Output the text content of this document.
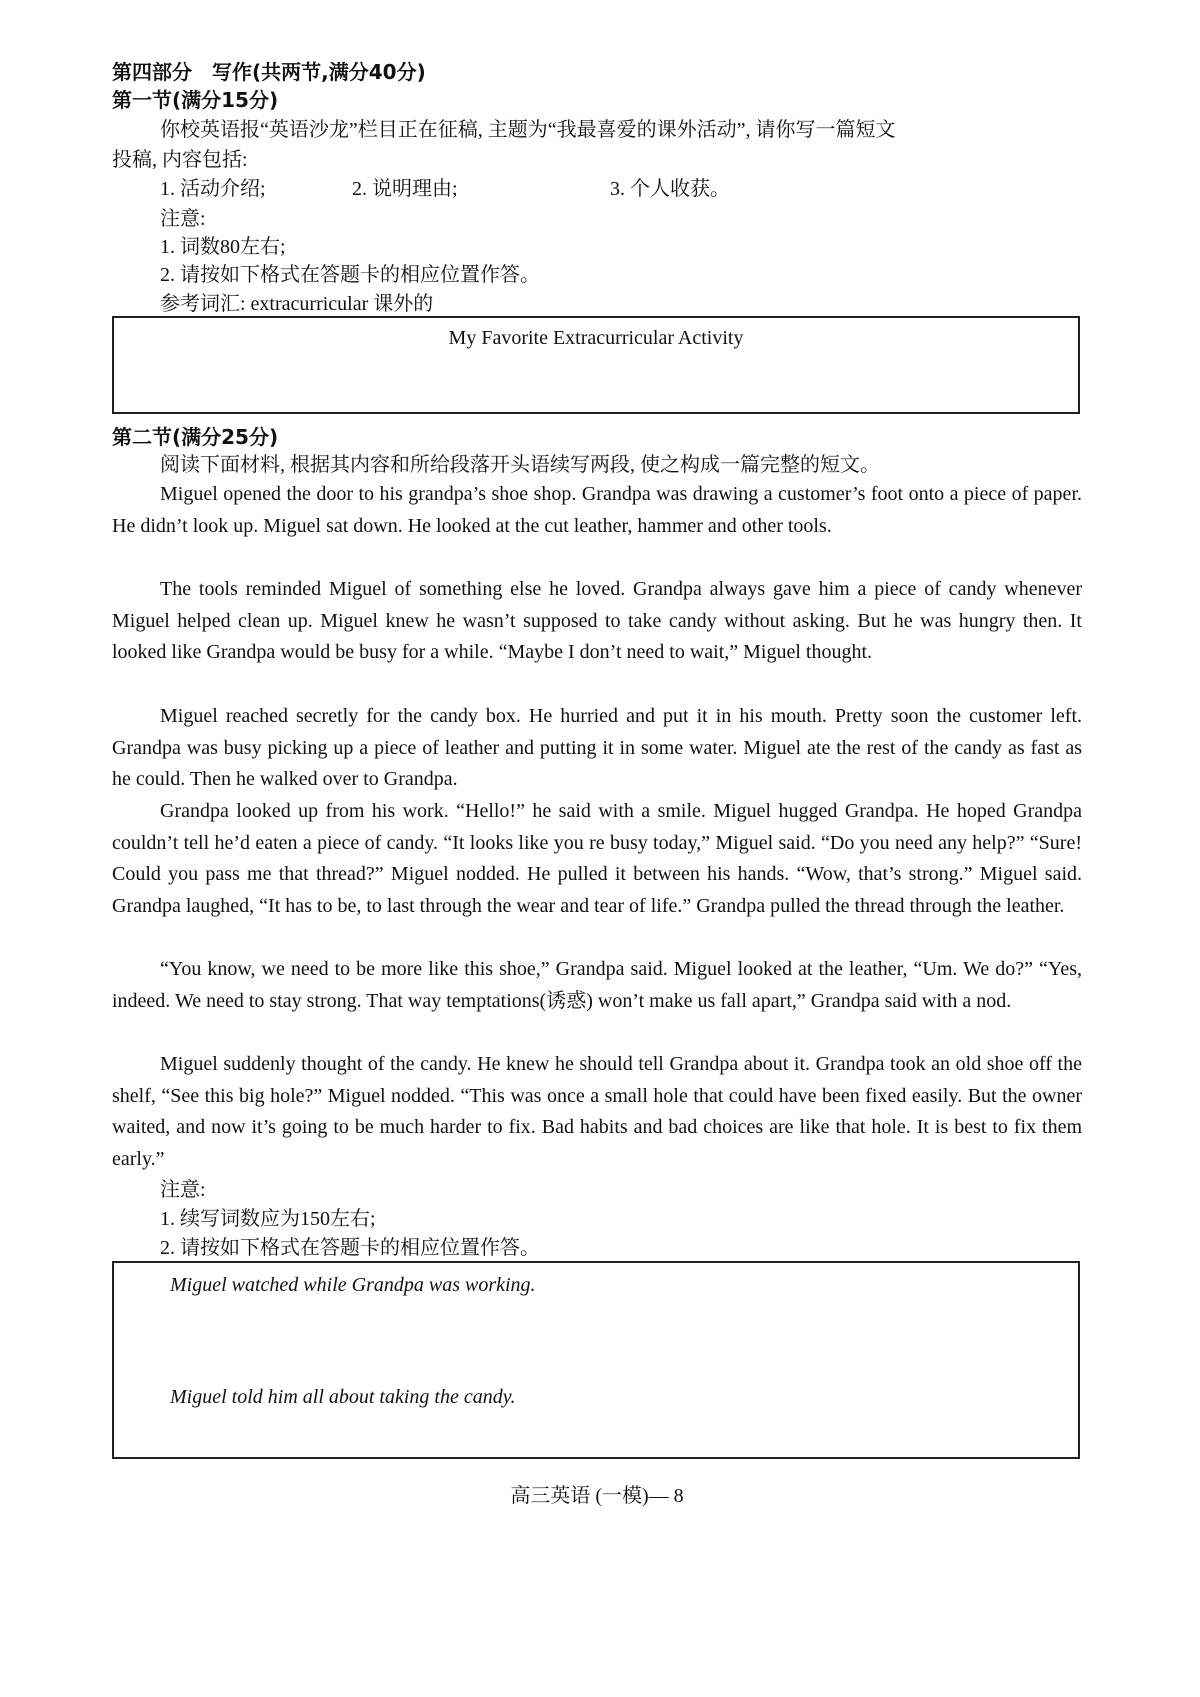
第四部分　写作(共两节,满分40分)
第一节(满分15分)
你校英语报“英语沙龙”栏目正在征稿, 主题为“我最喜爱的课外活动”, 请你写一篇短文
投稿, 内容包括:
1. 活动介绍;	2. 说明理由;	3. 个人收获。
注意:
1. 词数80左右;
2. 请按如下格式在答题卡的相应位置作答。
参考词汇: extracurricular 课外的
My Favorite Extracurricular Activity
第二节(满分25分)
阅读下面材料, 根据其内容和所给段落开头语续写两段, 使之构成一篇完整的短文。

Miguel opened the door to his grandpa’s shoe shop. Grandpa was drawing a customer’s foot onto a piece of paper. He didn’t look up. Miguel sat down. He looked at the cut leather, hammer and other tools.

The tools reminded Miguel of something else he loved. Grandpa always gave him a piece of candy whenever Miguel helped clean up. Miguel knew he wasn’t supposed to take candy without asking. But he was hungry then. It looked like Grandpa would be busy for a while. “Maybe I don’t need to wait,” Miguel thought.

Miguel reached secretly for the candy box. He hurried and put it in his mouth. Pretty soon the customer left. Grandpa was busy picking up a piece of leather and putting it in some water. Miguel ate the rest of the candy as fast as he could. Then he walked over to Grandpa.

Grandpa looked up from his work. “Hello!” he said with a smile. Miguel hugged Grandpa. He hoped Grandpa couldn’t tell he’d eaten a piece of candy. “It looks like you re busy today,” Miguel said. “Do you need any help?” “Sure! Could you pass me that thread?” Miguel nodded. He pulled it between his hands. “Wow, that’s strong.” Miguel said. Grandpa laughed, “It has to be, to last through the wear and tear of life.” Grandpa pulled the thread through the leather.

“You know, we need to be more like this shoe,” Grandpa said. Miguel looked at the leather, “Um. We do?” “Yes, indeed. We need to stay strong. That way temptations(诱惑) won’t make us fall apart,” Grandpa said with a nod.

Miguel suddenly thought of the candy. He knew he should tell Grandpa about it. Grandpa took an old shoe off the shelf, “See this big hole?” Miguel nodded. “This was once a small hole that could have been fixed easily. But the owner waited, and now it’s going to be much harder to fix. Bad habits and bad choices are like that hole. It is best to fix them early.”

注意:
1. 续写词数应为150左右;
2. 请按如下格式在答题卡的相应位置作答。
Miguel watched while Grandpa was working.
Miguel told him all about taking the candy.
高三英语 (一模)— 8
